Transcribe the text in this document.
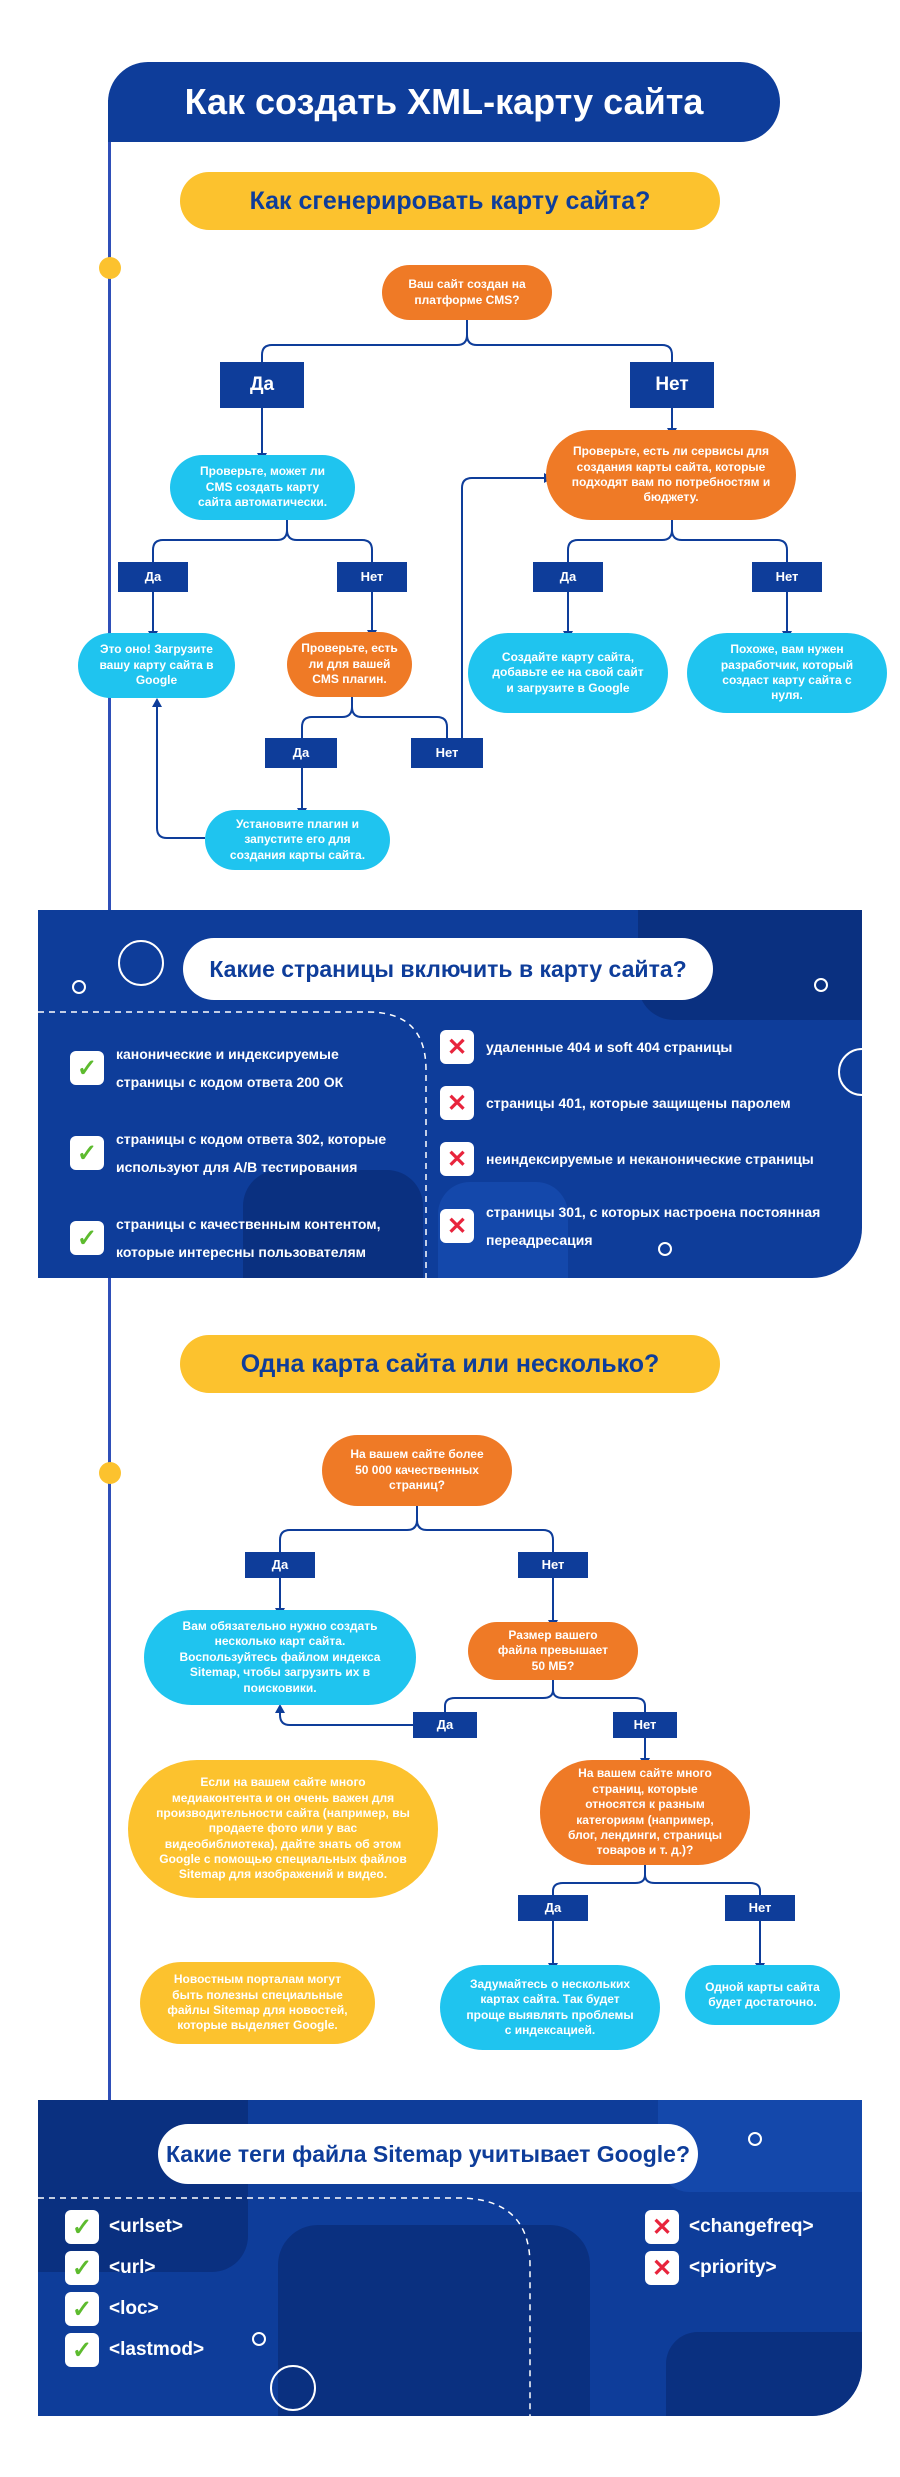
Как создать XML-карту сайта
Как сгенерировать карту сайта?
Ваш сайт создан на платформе CMS?
Да	Нет
Проверьте, может ли CMS создать карту сайта автоматически.
Да	Нет
Это оно! Загрузите вашу карту сайта в Google
Проверьте, есть ли для вашей CMS плагин.
Да	Нет
Установите плагин и запустите его для создания карты сайта.
Проверьте, есть ли сервисы для создания карты сайта, которые подходят вам по потребностям и бюджету.
Да	Нет
Создайте карту сайта, добавьте ее на свой сайт и загрузите в Google
Похоже, вам нужен разработчик, который создаст карту сайта с нуля.
Какие страницы включить в карту сайта?
✓
канонические и индексируемые
страницы с кодом ответа 200 ОК
✓
страницы с кодом ответа 302, которые
используют для A/B тестирования
✓
страницы с качественным контентом,
которые интересны пользователям
✕	удаленные 404 и soft 404 страницы
✕	страницы 401, которые защищены паролем
✕	неиндексируемые и неканонические страницы
✕
страницы 301, с которых настроена постоянная
переадресация
Одна карта сайта или несколько?
На вашем сайте более 50 000 качественных страниц?
Да	Нет
Вам обязательно нужно создать несколько карт сайта. Воспользуйтесь файлом индекса Sitemap, чтобы загрузить их в поисковики.
Размер вашего файла превышает 50 МБ?
Да	Нет
Если на вашем сайте много медиаконтента и он очень важен для производительности сайта (например, вы продаете фото или у вас видеобиблиотека), дайте знать об этом Google с помощью специальных файлов Sitemap для изображений и видео.
На вашем сайте много страниц, которые относятся к разным категориям (например, блог, лендинги, страницы товаров и т. д.)?
Да	Нет
Новостным порталам могут быть полезны специальные файлы Sitemap для новостей, которые выделяет Google.
Задумайтесь о нескольких картах сайта. Так будет проще выявлять проблемы с индексацией.
Одной карты сайта будет достаточно.
Какие теги файла Sitemap учитывает Google?
✓ <urlset>
✓ <url>
✓ <loc>
✓ <lastmod>
✕ <changefreq>
✕ <priority>
